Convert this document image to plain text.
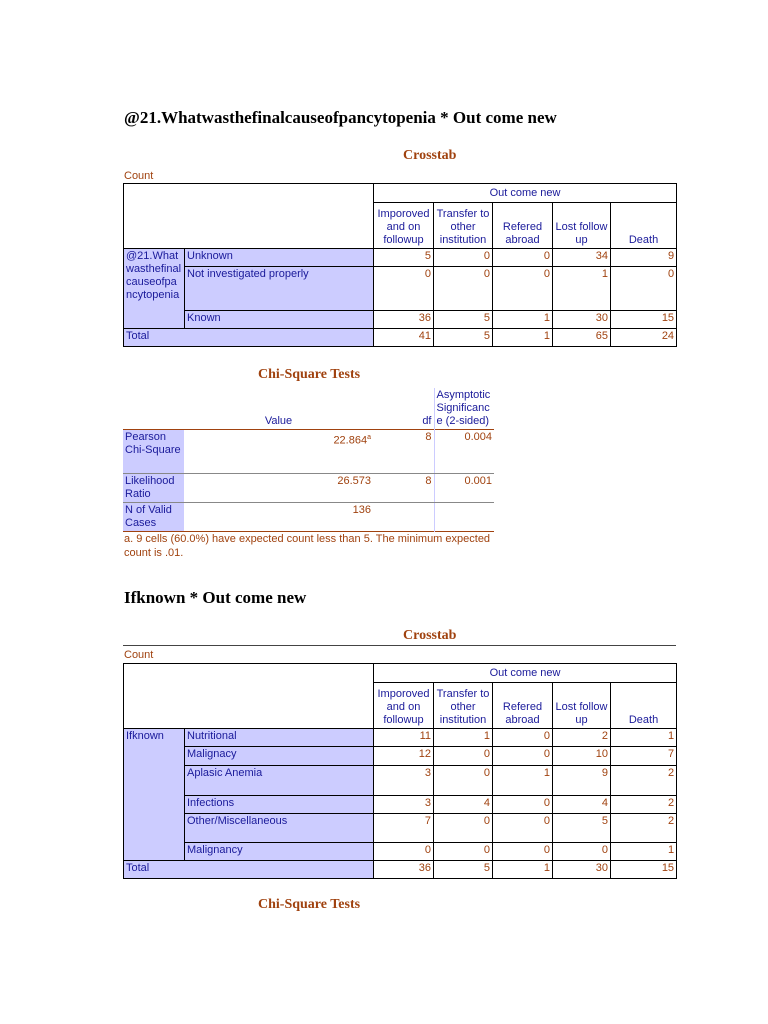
@21.Whatwasthefinalcauseofpancytopenia * Out come new
Crosstab
Count
		Out come new				
		Imporoved and on followup	Transfer to other institution	Refered abroad	Lost follow up	Death
@21.What wasthefinal causeofpa ncytopenia	Unknown	5	0	0	34	9
	Not investigated properly	0	0	0	1	0
	Known	36	5	1	30	15
Total		41	5	1	65	24
Chi-Square Tests
	Value	df	Asymptotic Significanc e (2-sided)
Pearson Chi-Square	22.864$^a$	8	0.004
Likelihood Ratio	26.573	8	0.001
N of Valid Cases	136		
a. 9 cells (60.0%) have expected count less than 5. The minimum expected count is .01.
Ifknown * Out come new
Crosstab
Count
		Out come new				
		Imporoved and on followup	Transfer to other institution	Refered abroad	Lost follow up	Death
Ifknown	Nutritional	11	1	0	2	1
	Malignacy	12	0	0	10	7
	Aplasic Anemia	3	0	1	9	2
	Infections	3	4	0	4	2
	Other/Miscellaneous	7	0	0	5	2
	Malignancy	0	0	0	0	1
Total		36	5	1	30	15
Chi-Square Tests
